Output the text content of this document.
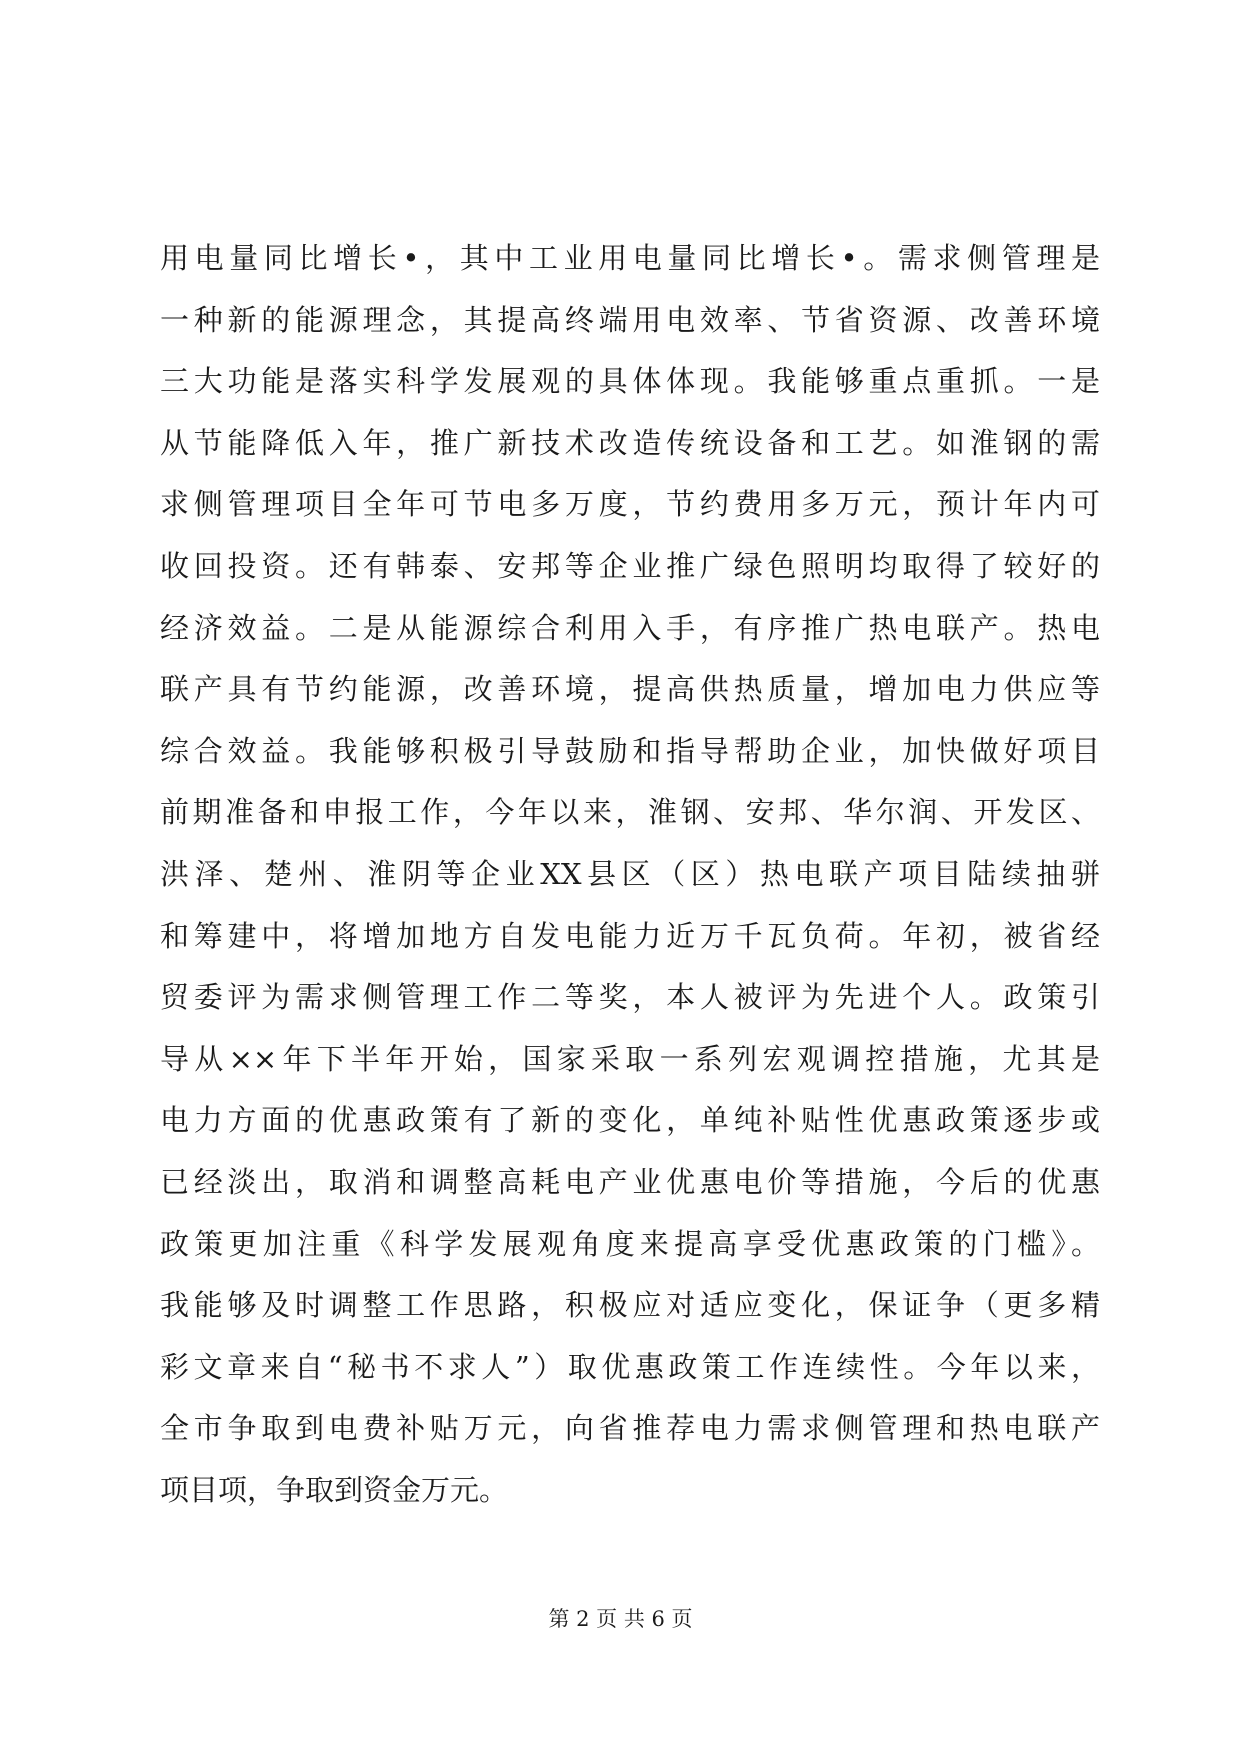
用电量同比增长•，其中工业用电量同比增长•。需求侧管理是
一种新的能源理念，其提高终端用电效率、节省资源、改善环境
三大功能是落实科学发展观的具体体现。我能够重点重抓。一是
从节能降低入年，推广新技术改造传统设备和工艺。如淮钢的需
求侧管理项目全年可节电多万度，节约费用多万元，预计年内可
收回投资。还有韩泰、安邦等企业推广绿色照明均取得了较好的
经济效益。二是从能源综合利用入手，有序推广热电联产。热电
联产具有节约能源，改善环境，提高供热质量，增加电力供应等
综合效益。我能够积极引导鼓励和指导帮助企业，加快做好项目
前期准备和申报工作，今年以来，淮钢、安邦、华尔润、开发区、
洪泽、楚州、淮阴等企业XX县区（区）热电联产项目陆续抽骈
和筹建中，将增加地方自发电能力近万千瓦负荷。年初，被省经
贸委评为需求侧管理工作二等奖，本人被评为先进个人。政策引
导从××年下半年开始，国家采取一系列宏观调控措施，尤其是
电力方面的优惠政策有了新的变化，单纯补贴性优惠政策逐步或
已经淡出，取消和调整高耗电产业优惠电价等措施，今后的优惠
政策更加注重《科学发展观角度来提高享受优惠政策的门槛》。
我能够及时调整工作思路，积极应对适应变化，保证争（更多精
彩文章来自“秘书不求人”）取优惠政策工作连续性。今年以来，
全市争取到电费补贴万元，向省推荐电力需求侧管理和热电联产
项目项，争取到资金万元。
第 2 页 共 6 页
